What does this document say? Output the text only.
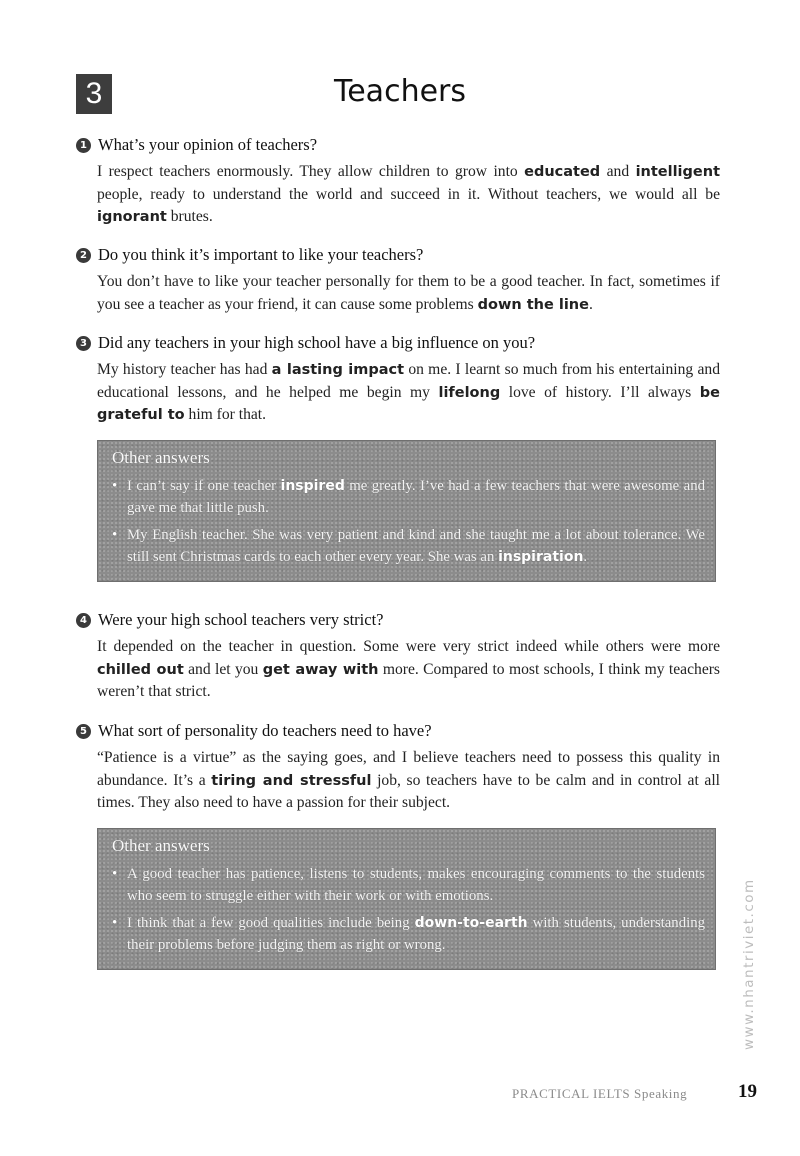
3	Teachers

1 What’s your opinion of teachers?

I respect teachers enormously. They allow children to grow into educated and intelligent people, ready to understand the world and succeed in it. Without teachers, we would all be ignorant brutes.

2 Do you think it’s important to like your teachers?

You don’t have to like your teacher personally for them to be a good teacher. In fact, sometimes if you see a teacher as your friend, it can cause some problems down the line.

3 Did any teachers in your high school have a big influence on you?

My history teacher has had a lasting impact on me. I learnt so much from his entertaining and educational lessons, and he helped me begin my lifelong love of history. I’ll always be grateful to him for that.

Other answers

• I can’t say if one teacher inspired me greatly. I’ve had a few teachers that were awesome and gave me that little push.
• My English teacher. She was very patient and kind and she taught me a lot about tolerance. We still sent Christmas cards to each other every year. She was an inspiration.

4 Were your high school teachers very strict?

It depended on the teacher in question. Some were very strict indeed while others were more chilled out and let you get away with more. Compared to most schools, I think my teachers weren’t that strict.

5 What sort of personality do teachers need to have?

“Patience is a virtue” as the saying goes, and I believe teachers need to possess this quality in abundance. It’s a tiring and stressful job, so teachers have to be calm and in control at all times. They also need to have a passion for their subject.

Other answers

• A good teacher has patience, listens to students, makes encouraging comments to the students who seem to struggle either with their work or with emotions.
• I think that a few good qualities include being down-to-earth with students, understanding their problems before judging them as right or wrong.	www.nhantriviet.com
PRACTICAL IELTS Speaking	19
